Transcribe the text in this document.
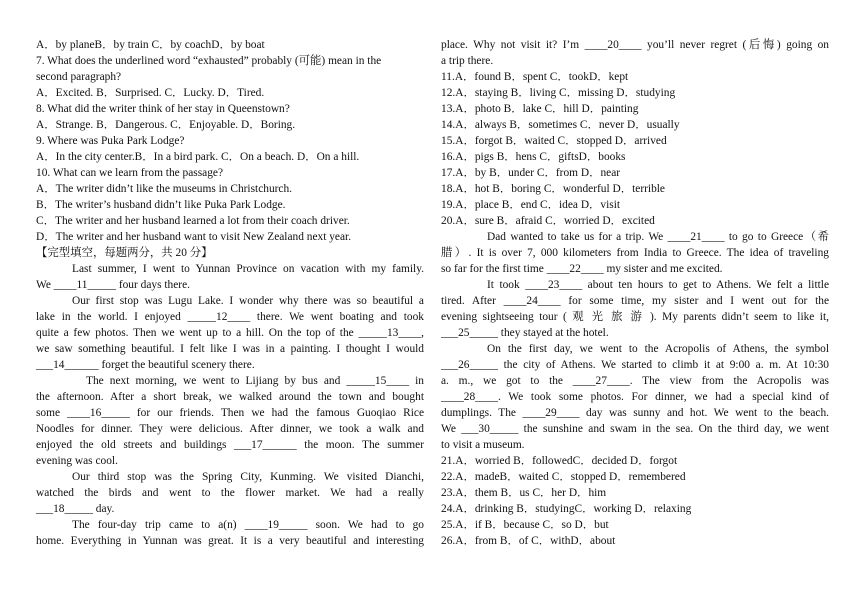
A．by planeB．by train C．by coachD．by boat
7. What does the underlined word “exhausted” probably (可能) mean in the
second paragraph?
A．Excited. B．Surprised. C．Lucky. D．Tired.
8. What did the writer think of her stay in Queenstown?
A．Strange. B．Dangerous. C．Enjoyable. D．Boring.
9. Where was Puka Park Lodge?
A．In the city center.B．In a bird park. C．On a beach. D．On a hill.
10. What can we learn from the passage?
A．The writer didn’t like the museums in Christchurch.
B．The writer’s husband didn’t like Puka Park Lodge.
C．The writer and her husband learned a lot from their coach driver.
D．The writer and her husband want to visit New Zealand next year.
【完型填空，每题两分，共 20 分】
Last summer, I went to Yunnan Province on vacation with my family.
We ____11_____ four days there.
Our first stop was Lugu Lake. I wonder why there was so beautiful a
lake in the world. I enjoyed _____12____ there. We went boating and took
quite a few photos. Then we went up to a hill. On the top of the _____13____,
we saw something beautiful. I felt like I was in a painting. I thought I would
___14______ forget the beautiful scenery there.
The next morning, we went to Lijiang by bus and _____15____ in
the afternoon. After a short break, we walked around the town and bought
some ____16_____ for our friends. Then we had the famous Guoqiao Rice
Noodles for dinner. They were delicious. After dinner, we took a walk and
enjoyed the old streets and buildings ___17______ the moon. The summer
evening was cool.
Our third stop was the Spring City, Kunming. We visited Dianchi,
watched the birds and went to the flower market. We had a really
___18_____ day.
The four-day trip came to a(n) ____19_____ soon. We had to go
home. Everything in Yunnan was great. It is a very beautiful and interesting
place. Why not visit it? I’m ____20____ you’ll never regret (后悔) going on
a trip there.
11.A．found B．spent C．tookD．kept
12.A．staying B．living C．missing D．studying
13.A．photo B．lake C．hill D．painting
14.A．always B．sometimes C．never D．usually
15.A．forgot B．waited C．stopped D．arrived
16.A．pigs B．hens C．giftsD．books
17.A．by B．under C．from D．near
18.A．hot B．boring C．wonderful D．terrible
19.A．place B．end C．idea D．visit
20.A．sure B．afraid C．worried D．excited
Dad wanted to take us for a trip. We ____21____ to go to Greece（希
腊）. It is over 7, 000 kilometers from India to Greece. The idea of traveling
so far for the first time ____22____ my sister and me excited.
It took ____23____ about ten hours to get to Athens. We felt a little
tired. After ____24____ for some time, my sister and I went out for the
evening sightseeing tour ( 观 光 旅 游 ). My parents didn’t seem to like it,
___25_____ they stayed at the hotel.
On the first day, we went to the Acropolis of Athens, the symbol
___26_____ the city of Athens. We started to climb it at 9:00 a. m. At 10:30
a. m., we got to the ____27____. The view from the Acropolis was
____28____. We took some photos. For dinner, we had a special kind of
dumplings. The ____29____ day was sunny and hot. We went to the beach.
We ___30_____ the sunshine and swam in the sea. On the third day, we went
to visit a museum.
21.A．worried B．followedC．decided D．forgot
22.A．madeB．waited C．stopped D．remembered
23.A．them B．us C．her D．him
24.A．drinking B．studyingC．working D．relaxing
25.A．if B．because C．so D．but
26.A．from B．of C．withD．about
